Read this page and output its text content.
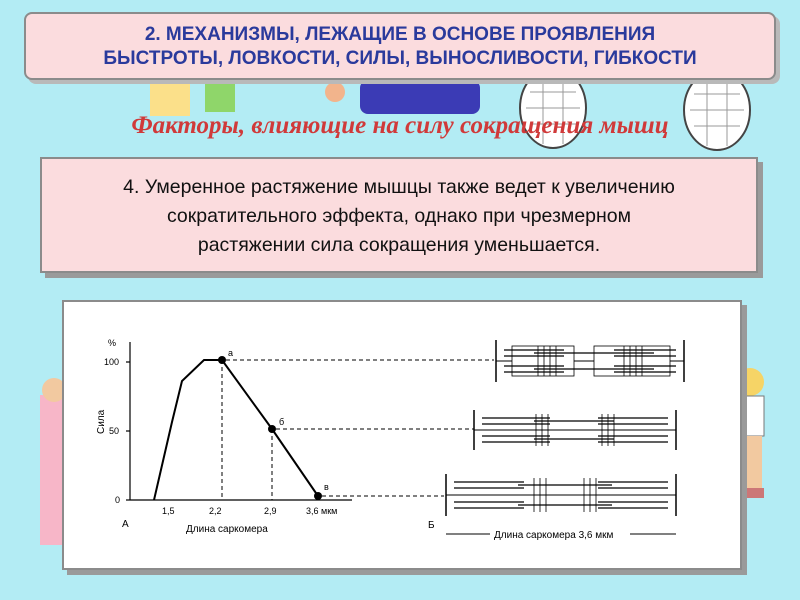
2. МЕХАНИЗМЫ, ЛЕЖАЩИЕ В ОСНОВЕ ПРОЯВЛЕНИЯ
БЫСТРОТЫ, ЛОВКОСТИ, СИЛЫ, ВЫНОСЛИВОСТИ, ГИБКОСТИ
Факторы, влияющие на силу сокращения мышц
4. Умеренное растяжение мышцы также ведет к увеличению
сократительного эффекта, однако при чрезмерном
растяжении сила сокращения уменьшается.
%
Сила
100
50
0
1,5	2,2	2,9	3,6 мкм
Длина саркомера
А
а
б
в
Б
Длина саркомера 3,6 мкм
